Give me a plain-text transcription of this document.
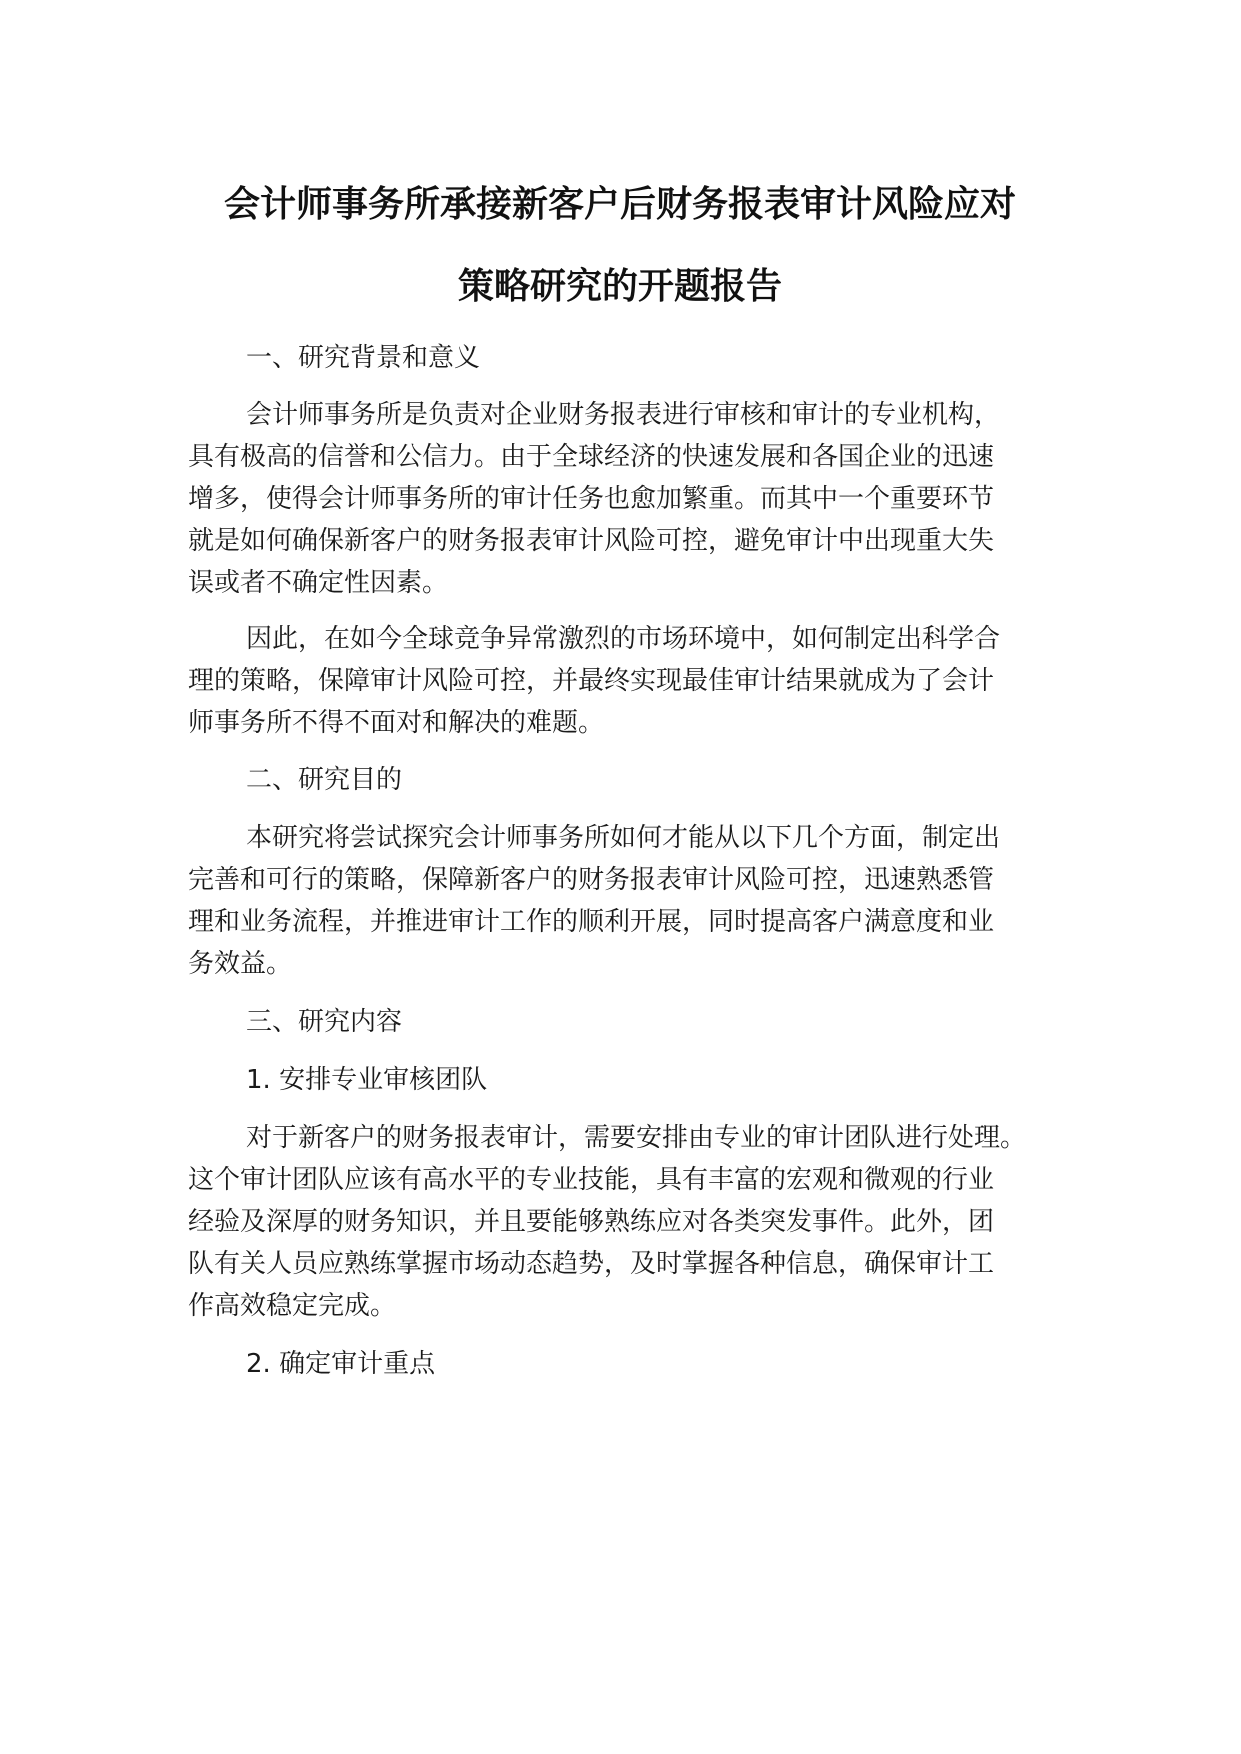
会计师事务所承接新客户后财务报表审计风险应对
策略研究的开题报告

一、研究背景和意义

会计师事务所是负责对企业财务报表进行审核和审计的专业机构，

具有极高的信誉和公信力。由于全球经济的快速发展和各国企业的迅速

增多，使得会计师事务所的审计任务也愈加繁重。而其中一个重要环节

就是如何确保新客户的财务报表审计风险可控，避免审计中出现重大失

误或者不确定性因素。

因此，在如今全球竞争异常激烈的市场环境中，如何制定出科学合

理的策略，保障审计风险可控，并最终实现最佳审计结果就成为了会计

师事务所不得不面对和解决的难题。

二、研究目的

本研究将尝试探究会计师事务所如何才能从以下几个方面，制定出

完善和可行的策略，保障新客户的财务报表审计风险可控，迅速熟悉管

理和业务流程，并推进审计工作的顺利开展，同时提高客户满意度和业

务效益。

三、研究内容

1. 安排专业审核团队

对于新客户的财务报表审计，需要安排由专业的审计团队进行处理。

这个审计团队应该有高水平的专业技能，具有丰富的宏观和微观的行业

经验及深厚的财务知识，并且要能够熟练应对各类突发事件。此外，团

队有关人员应熟练掌握市场动态趋势，及时掌握各种信息，确保审计工

作高效稳定完成。

2. 确定审计重点
